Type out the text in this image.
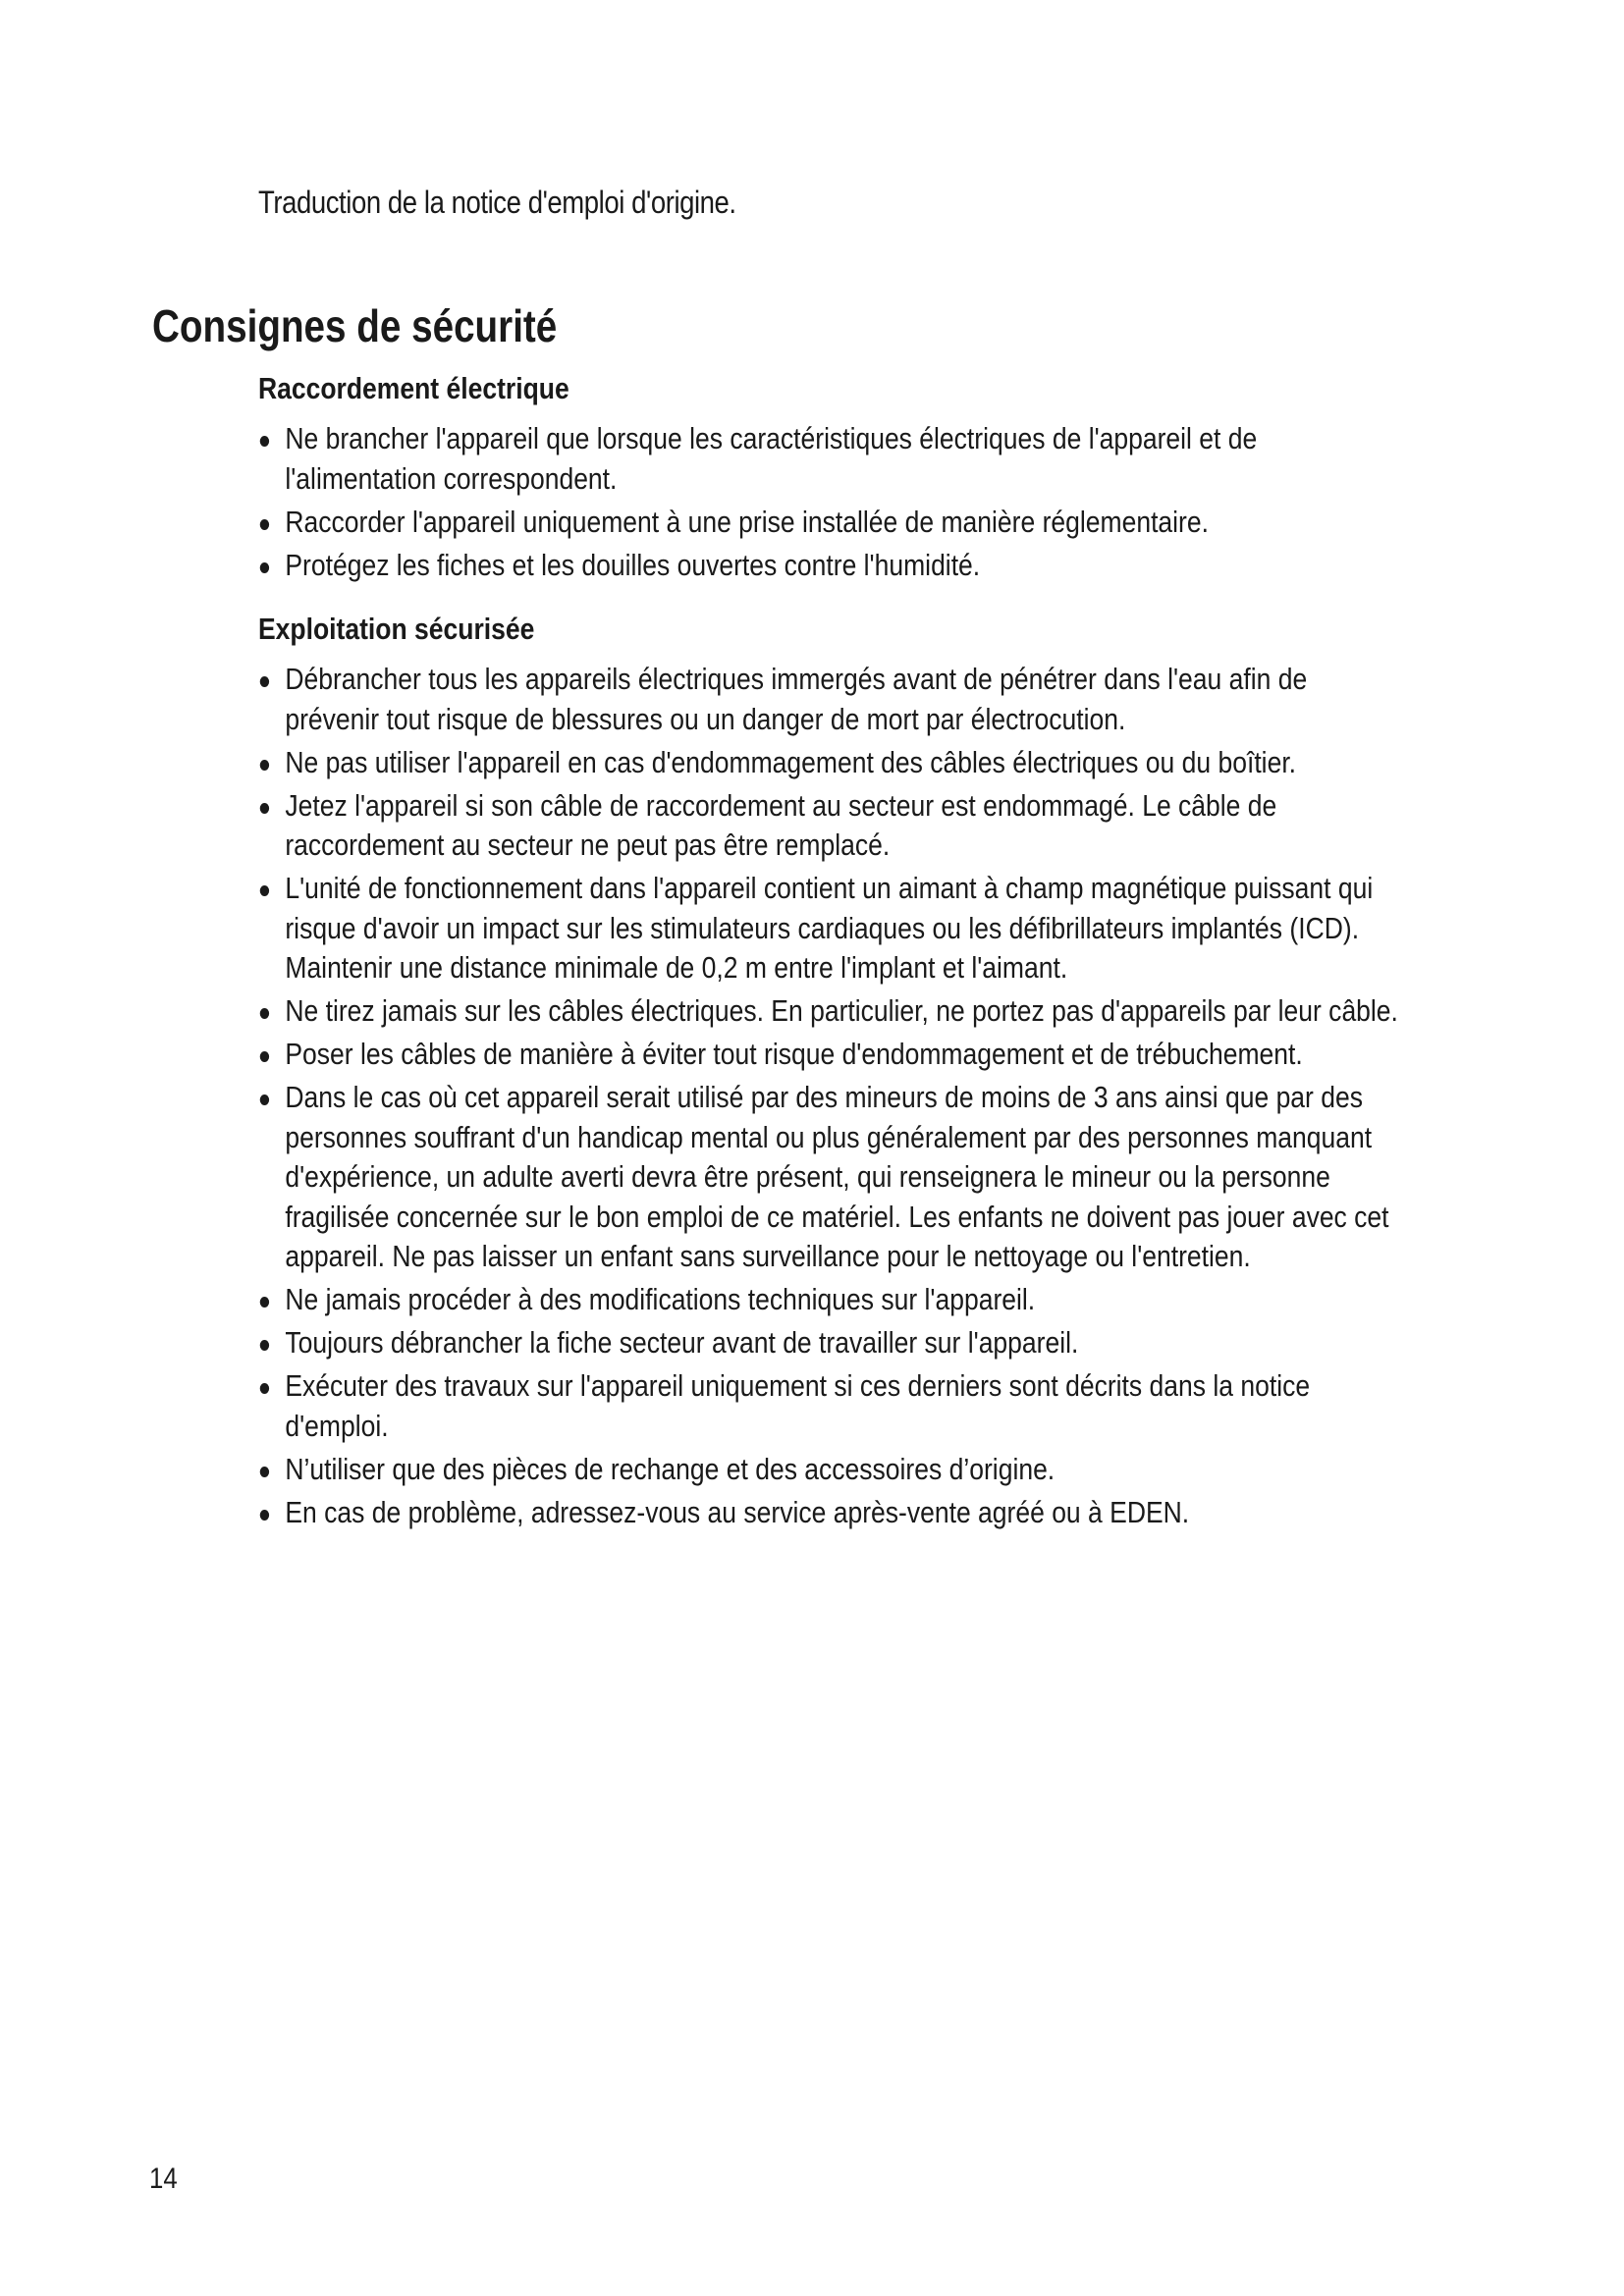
Traduction de la notice d'emploi d'origine.
Consignes de sécurité
Raccordement électrique
Ne brancher l'appareil que lorsque les caractéristiques électriques de l'appareil et de l'alimentation correspondent.
Raccorder l'appareil uniquement à une prise installée de manière réglementaire.
Protégez les fiches et les douilles ouvertes contre l'humidité.
Exploitation sécurisée
Débrancher tous les appareils électriques immergés avant de pénétrer dans l'eau afin de prévenir tout risque de blessures ou un danger de mort par électrocution.
Ne pas utiliser l'appareil en cas d'endommagement des câbles électriques ou du boîtier.
Jetez l'appareil si son câble de raccordement au secteur est endommagé. Le câble de raccordement au secteur ne peut pas être remplacé.
L'unité de fonctionnement dans l'appareil contient un aimant à champ magnétique puissant qui risque d'avoir un impact sur les stimulateurs cardiaques ou les défibrillateurs implantés (ICD). Maintenir une distance minimale de 0,2 m entre l'implant et l'aimant.
Ne tirez jamais sur les câbles électriques. En particulier, ne portez pas d'appareils par leur câble.
Poser les câbles de manière à éviter tout risque d'endommagement et de trébuchement.
Dans le cas où cet appareil serait utilisé par des mineurs de moins de 3 ans ainsi que par des personnes souffrant d'un handicap mental ou plus généralement par des personnes manquant d'expérience, un adulte averti devra être présent, qui renseignera le mineur ou la personne fragilisée concernée sur le bon emploi de ce matériel. Les enfants ne doivent pas jouer avec cet appareil. Ne pas laisser un enfant sans surveillance pour le nettoyage ou l'entretien.
Ne jamais procéder à des modifications techniques sur l'appareil.
Toujours débrancher la fiche secteur avant de travailler sur l'appareil.
Exécuter des travaux sur l'appareil uniquement si ces derniers sont décrits dans la notice d'emploi.
N’utiliser que des pièces de rechange et des accessoires d’origine.
En cas de problème, adressez-vous au service après-vente agréé ou à EDEN.
14
